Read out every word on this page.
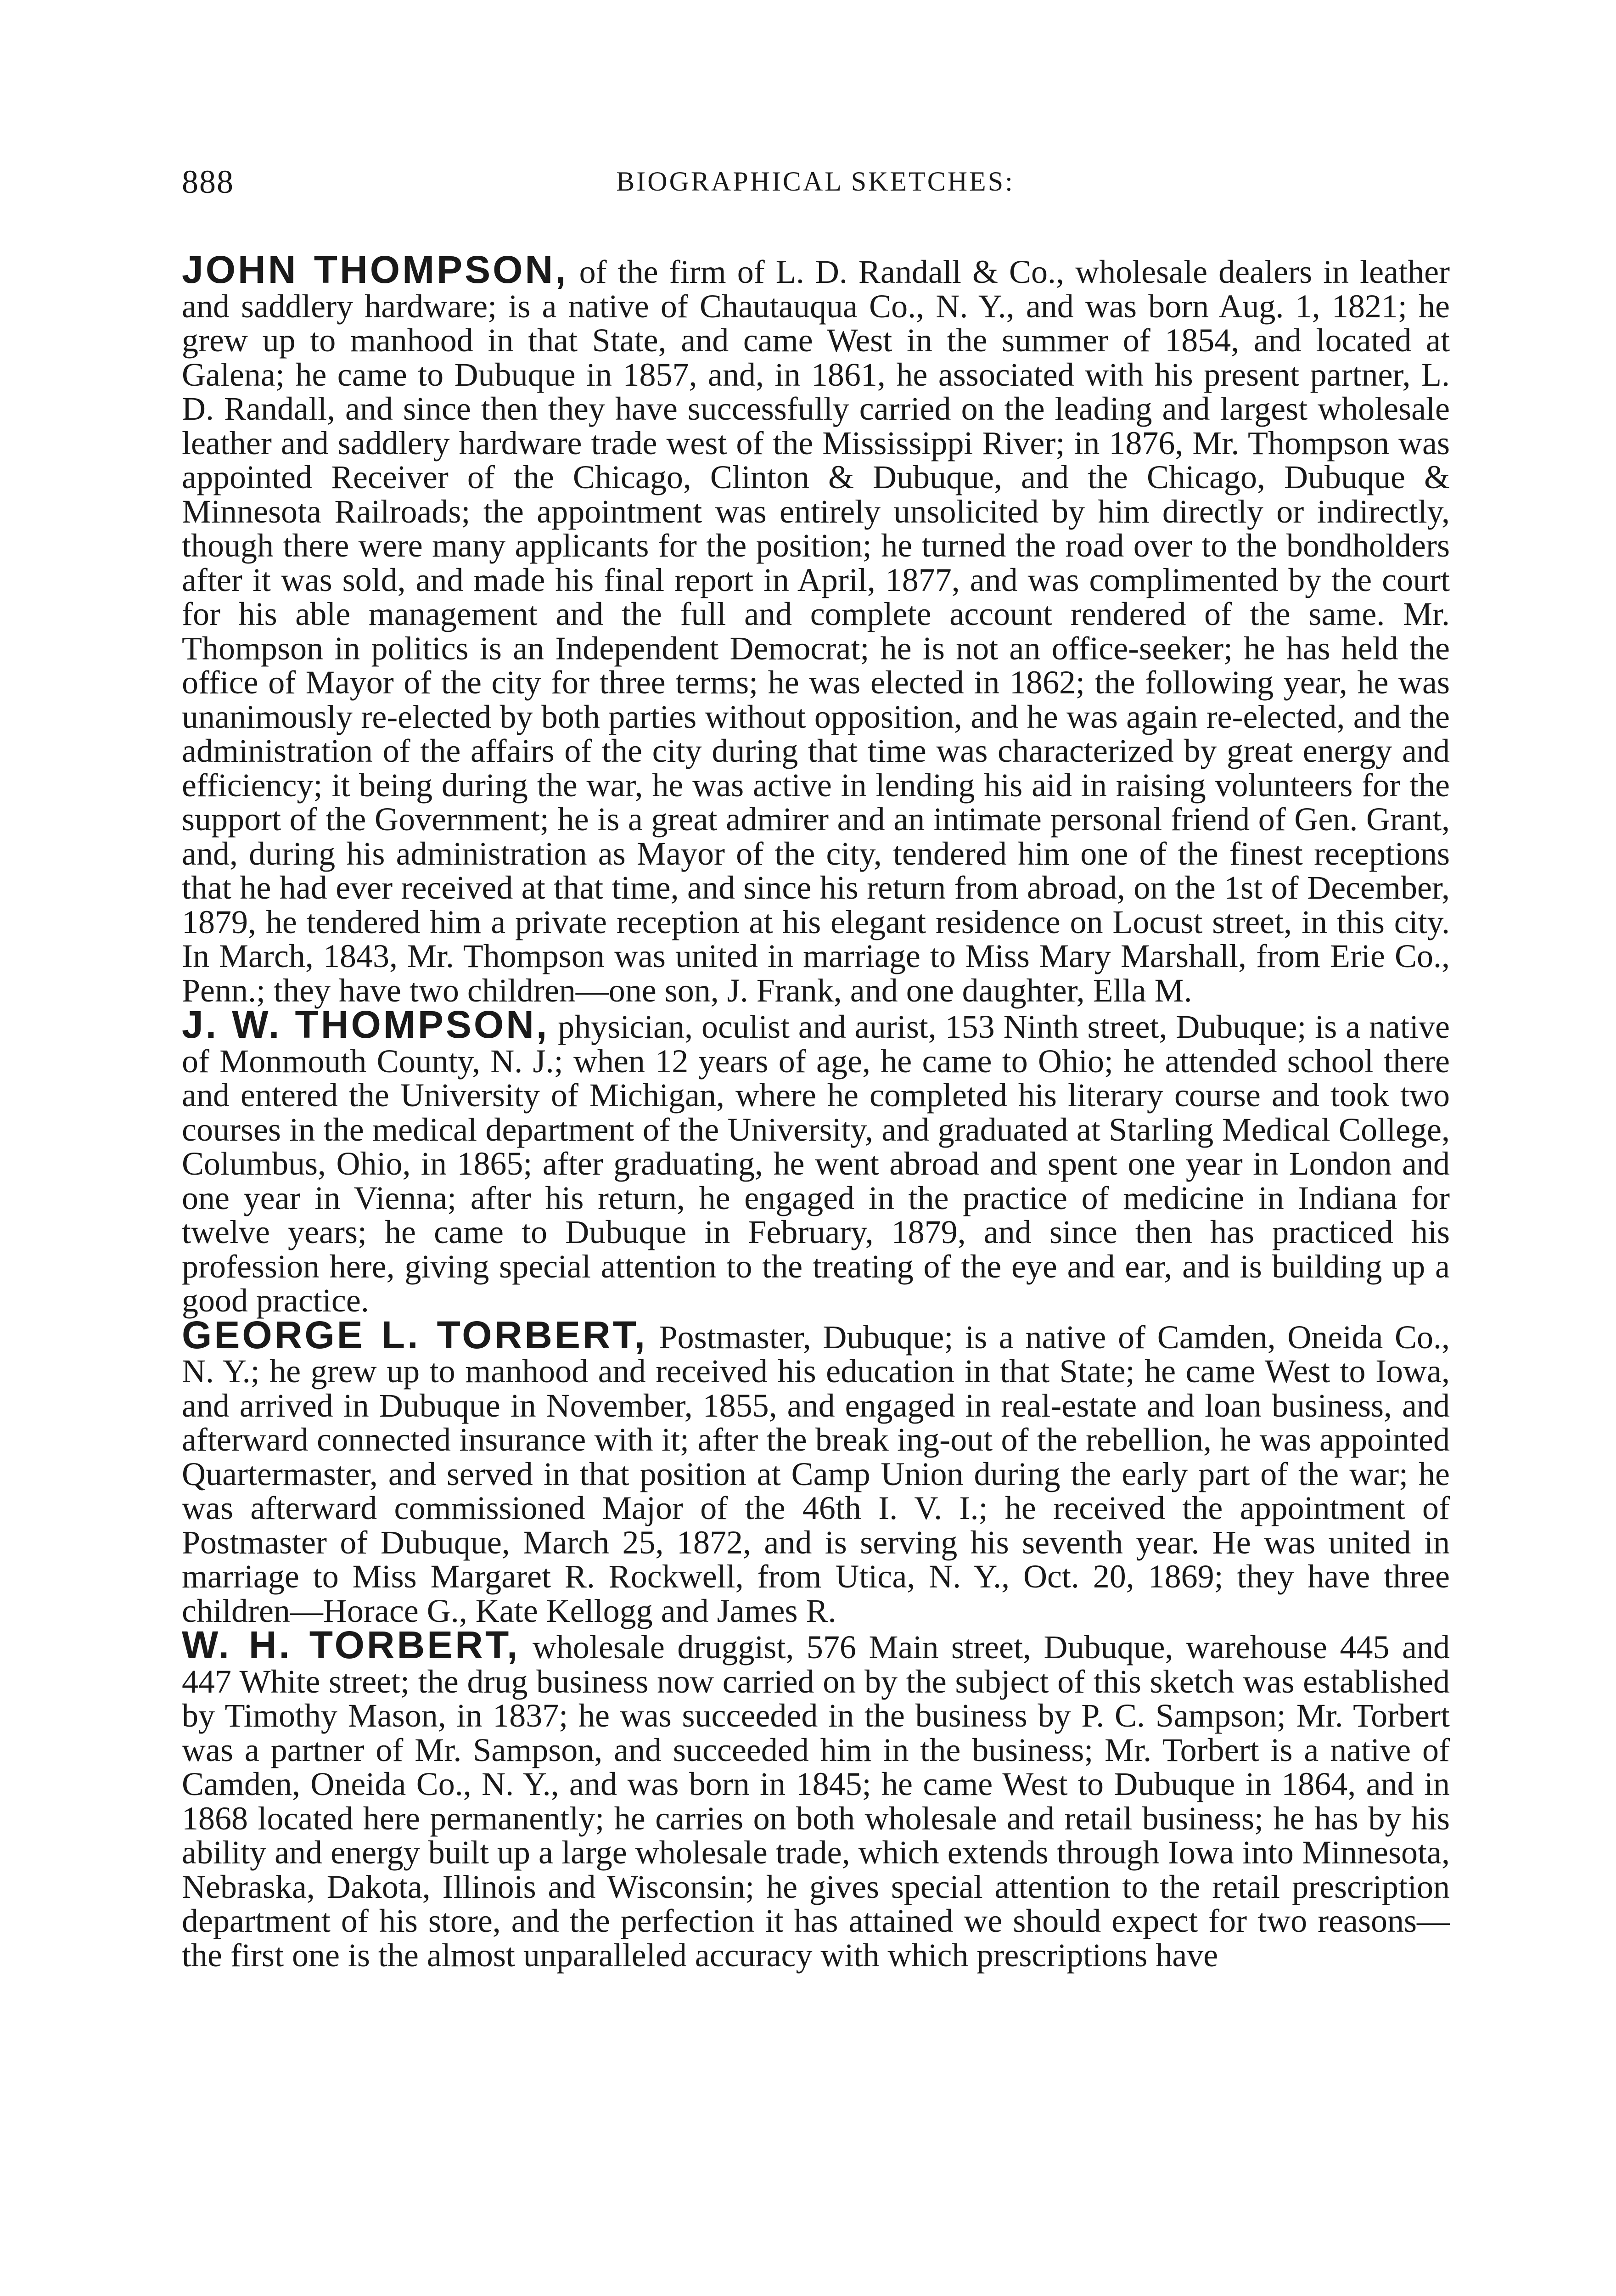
888	BIOGRAPHICAL SKETCHES:

JOHN THOMPSON, of the firm of L. D. Randall & Co., wholesale dealers in leather and saddlery hardware; is a native of Chautauqua Co., N. Y., and was born Aug. 1, 1821; he grew up to manhood in that State, and came West in the summer of 1854, and located at Galena; he came to Dubuque in 1857, and, in 1861, he associated with his present partner, L. D. Randall, and since then they have successfully carried on the leading and largest wholesale leather and saddlery hardware trade west of the Mississippi River; in 1876, Mr. Thompson was appointed Receiver of the Chicago, Clinton & Dubuque, and the Chicago, Dubuque & Minnesota Railroads; the appointment was entirely unsolicited by him directly or indirectly, though there were many applicants for the position; he turned the road over to the bondholders after it was sold, and made his final report in April, 1877, and was complimented by the court for his able management and the full and complete account rendered of the same. Mr. Thompson in politics is an Independent Democrat; he is not an office-seeker; he has held the office of Mayor of the city for three terms; he was elected in 1862; the following year, he was unanimously re-elected by both parties without opposition, and he was again re-elected, and the administration of the affairs of the city during that time was characterized by great energy and efficiency; it being during the war, he was active in lending his aid in raising volunteers for the support of the Government; he is a great admirer and an intimate personal friend of Gen. Grant, and, during his administration as Mayor of the city, tendered him one of the finest receptions that he had ever received at that time, and since his return from abroad, on the 1st of December, 1879, he tendered him a private reception at his elegant residence on Locust street, in this city. In March, 1843, Mr. Thompson was united in marriage to Miss Mary Marshall, from Erie Co., Penn.; they have two children—one son, J. Frank, and one daughter, Ella M.

J. W. THOMPSON, physician, oculist and aurist, 153 Ninth street, Dubuque; is a native of Monmouth County, N. J.; when 12 years of age, he came to Ohio; he attended school there and entered the University of Michigan, where he completed his literary course and took two courses in the medical department of the University, and graduated at Starling Medical College, Columbus, Ohio, in 1865; after graduating, he went abroad and spent one year in London and one year in Vienna; after his return, he engaged in the practice of medicine in Indiana for twelve years; he came to Dubuque in February, 1879, and since then has practiced his profession here, giving special attention to the treating of the eye and ear, and is building up a good practice.

GEORGE L. TORBERT, Postmaster, Dubuque; is a native of Camden, Oneida Co., N. Y.; he grew up to manhood and received his education in that State; he came West to Iowa, and arrived in Dubuque in November, 1855, and engaged in real-estate and loan business, and afterward connected insurance with it; after the break ing-out of the rebellion, he was appointed Quartermaster, and served in that position at Camp Union during the early part of the war; he was afterward commissioned Major of the 46th I. V. I.; he received the appointment of Postmaster of Dubuque, March 25, 1872, and is serving his seventh year. He was united in marriage to Miss Margaret R. Rockwell, from Utica, N. Y., Oct. 20, 1869; they have three children—Horace G., Kate Kellogg and James R.

W. H. TORBERT, wholesale druggist, 576 Main street, Dubuque, warehouse 445 and 447 White street; the drug business now carried on by the subject of this sketch was established by Timothy Mason, in 1837; he was succeeded in the business by P. C. Sampson; Mr. Torbert was a partner of Mr. Sampson, and succeeded him in the business; Mr. Torbert is a native of Camden, Oneida Co., N. Y., and was born in 1845; he came West to Dubuque in 1864, and in 1868 located here permanently; he carries on both wholesale and retail business; he has by his ability and energy built up a large wholesale trade, which extends through Iowa into Minnesota, Nebraska, Dakota, Illinois and Wisconsin; he gives special attention to the retail prescription department of his store, and the perfection it has attained we should expect for two reasons—the first one is the almost unparalleled accuracy with which prescriptions have
